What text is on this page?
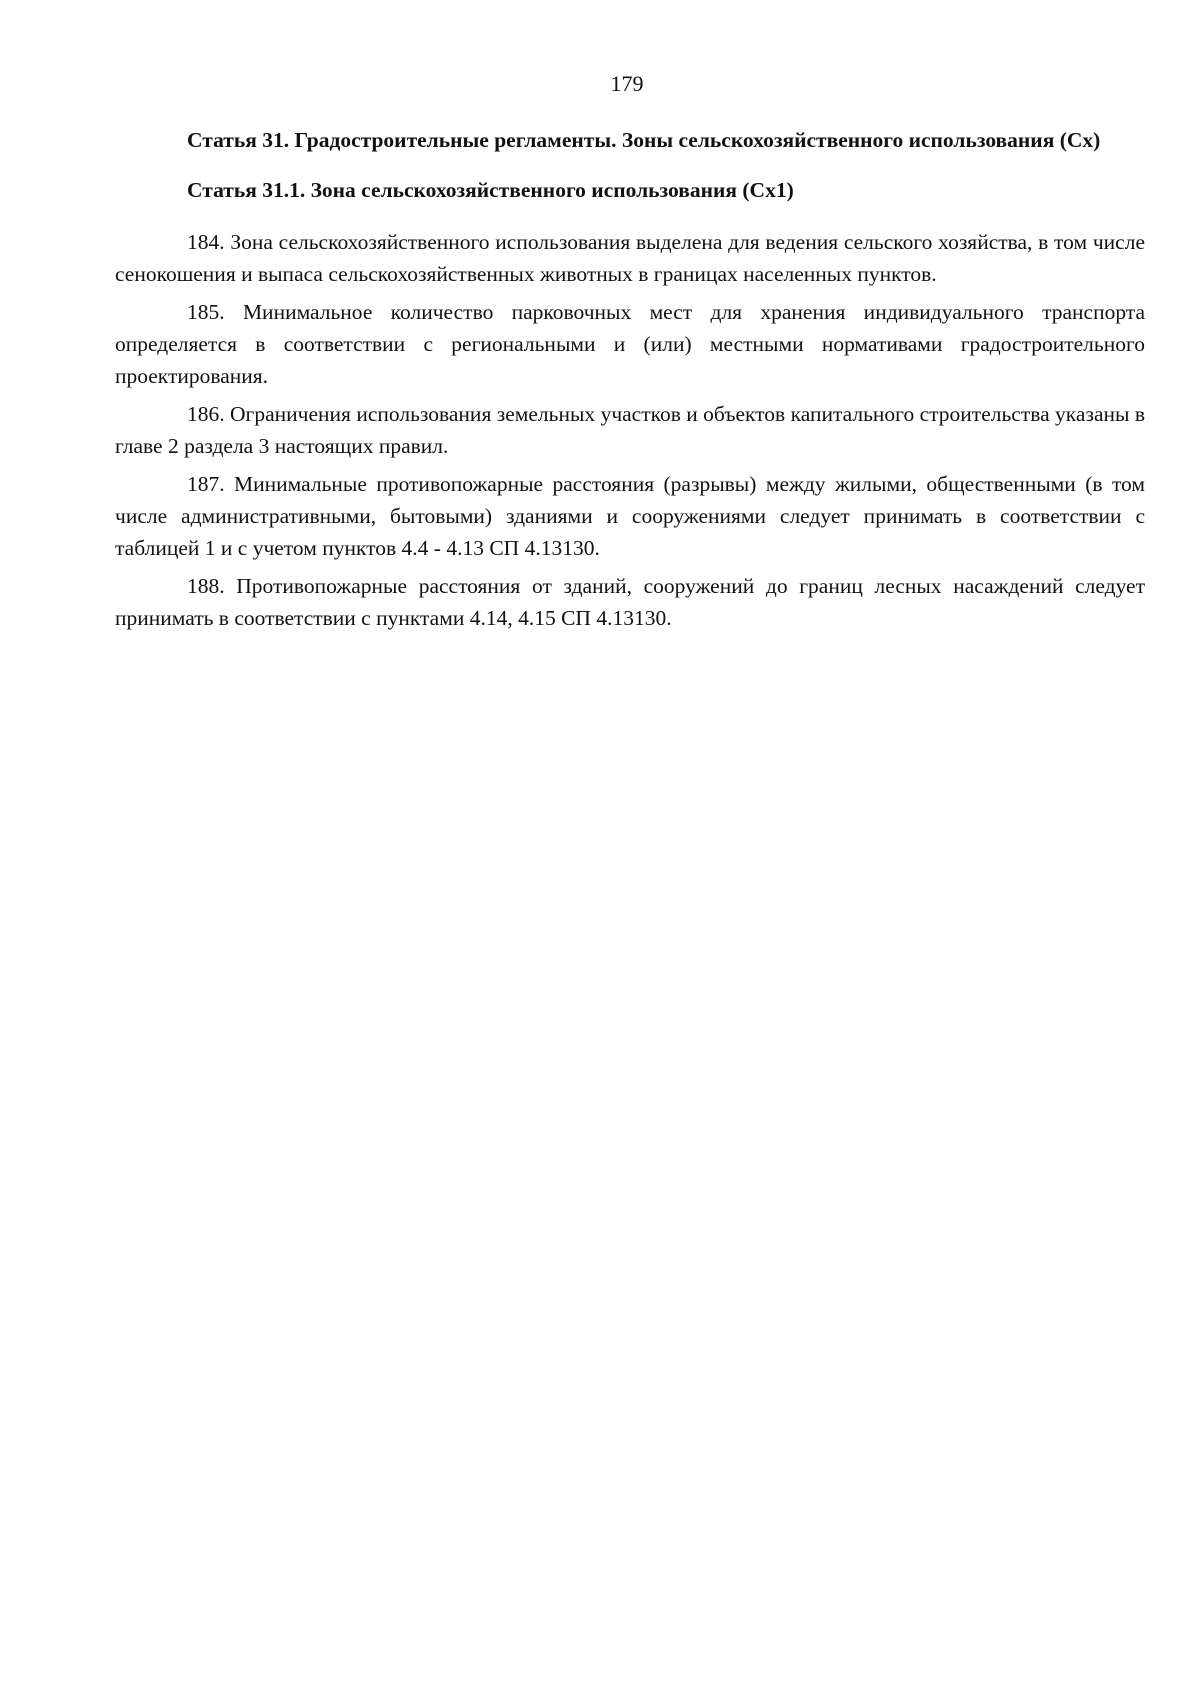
179

Статья 31. Градостроительные регламенты. Зоны сельскохозяйственного использования (Сх)

Статья 31.1. Зона сельскохозяйственного использования (Сх1)

184. Зона сельскохозяйственного использования выделена для ведения сельского хозяйства, в том числе сенокошения и выпаса сельскохозяйственных животных в границах населенных пунктов.

185. Минимальное количество парковочных мест для хранения индивидуального транспорта определяется в соответствии с региональными и (или) местными нормативами градостроительного проектирования.

186. Ограничения использования земельных участков и объектов капитального строительства указаны в главе 2 раздела 3 настоящих правил.

187. Минимальные противопожарные расстояния (разрывы) между жилыми, общественными (в том числе административными, бытовыми) зданиями и сооружениями следует принимать в соответствии с таблицей 1 и с учетом пунктов 4.4 - 4.13 СП 4.13130.

188. Противопожарные расстояния от зданий, сооружений до границ лесных насаждений следует принимать в соответствии с пунктами 4.14, 4.15 СП 4.13130.
